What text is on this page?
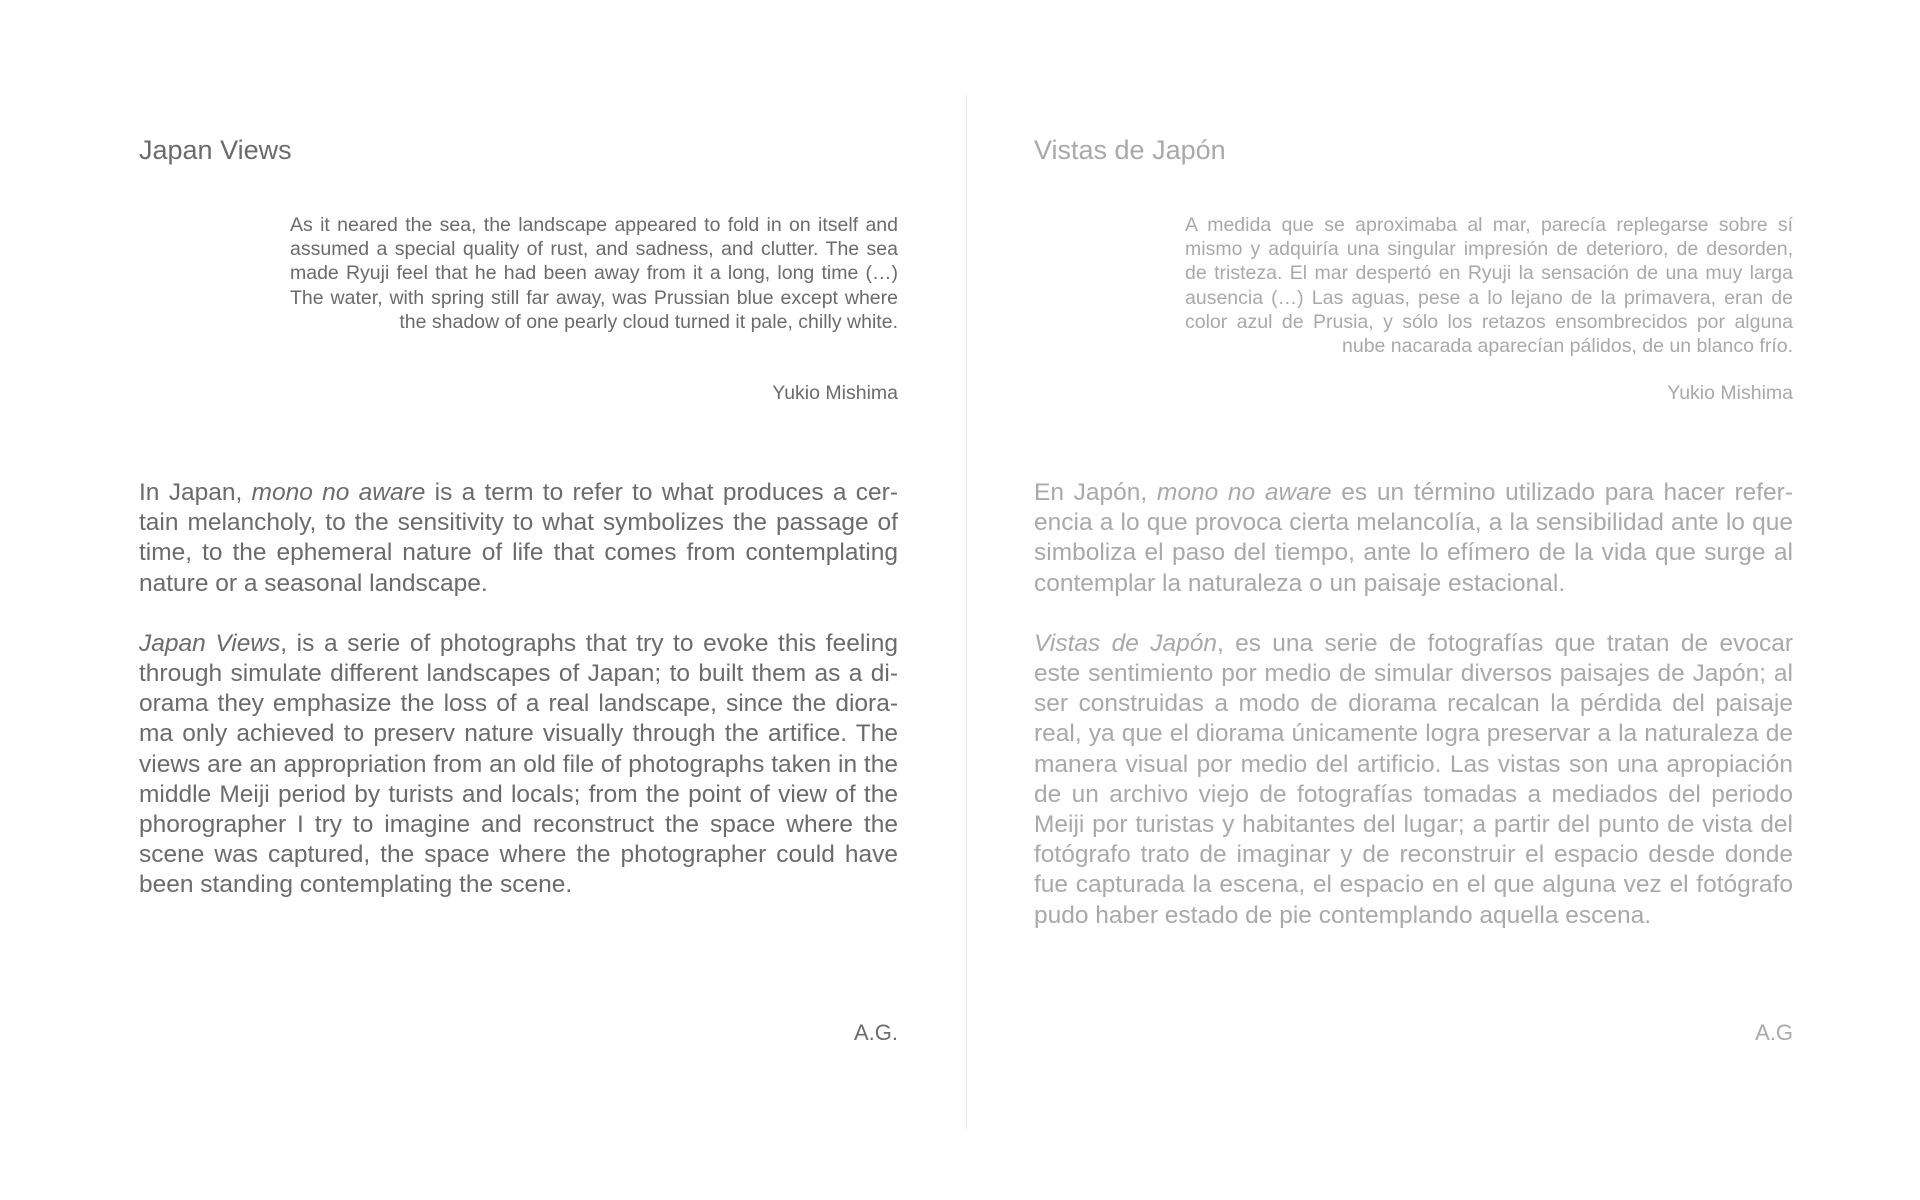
Japan Views
As it neared the sea, the landscape appeared to fold in on itself and assumed a special quality of rust, and sadness, and clutter. The sea made Ryuji feel that he had been away from it a long, long time (…) The water, with spring still far away, was Prussian blue except where the shadow of one pearly cloud turned it pale, chilly white.
Yukio Mishima

In Japan, mono no aware is a term to refer to what produces a cer-tain melancholy, to the sensitivity to what symbolizes the passage of time, to the ephemeral nature of life that comes from contemplating nature or a seasonal landscape.

Japan Views, is a serie of photographs that try to evoke this feeling through simulate different landscapes of Japan; to built them as a di-orama they emphasize the loss of a real landscape, since the diora-ma only achieved to preserv nature visually through the artifice. The views are an appropriation from an old file of photographs taken in the middle Meiji period by turists and locals; from the point of view of the phorographer I try to imagine and reconstruct the space where the scene was captured, the space where the photographer could have been standing contemplating the scene.

A.G.
Vistas de Japón
A medida que se aproximaba al mar, parecía replegarse sobre sí mismo y adquiría una singular impresión de deterioro, de desorden, de tristeza. El mar despertó en Ryuji la sensación de una muy larga ausencia (…) Las aguas, pese a lo lejano de la primavera, eran de color azul de Prusia, y sólo los retazos ensombrecidos por alguna nube nacarada aparecían pálidos, de un blanco frío.
Yukio Mishima

En Japón, mono no aware es un término utilizado para hacer refer-encia a lo que provoca cierta melancolía, a la sensibilidad ante lo que simboliza el paso del tiempo, ante lo efímero de la vida que surge al contemplar la naturaleza o un paisaje estacional.

Vistas de Japón, es una serie de fotografías que tratan de evocar este sentimiento por medio de simular diversos paisajes de Japón; al ser construidas a modo de diorama recalcan la pérdida del paisaje real, ya que el diorama únicamente logra preservar a la naturaleza de manera visual por medio del artificio. Las vistas son una apropiación de un archivo viejo de fotografías tomadas a mediados del periodo Meiji por turistas y habitantes del lugar; a partir del punto de vista del fotógrafo trato de imaginar y de reconstruir el espacio desde donde fue capturada la escena, el espacio en el que alguna vez el fotógrafo pudo haber estado de pie contemplando aquella escena.

A.G
